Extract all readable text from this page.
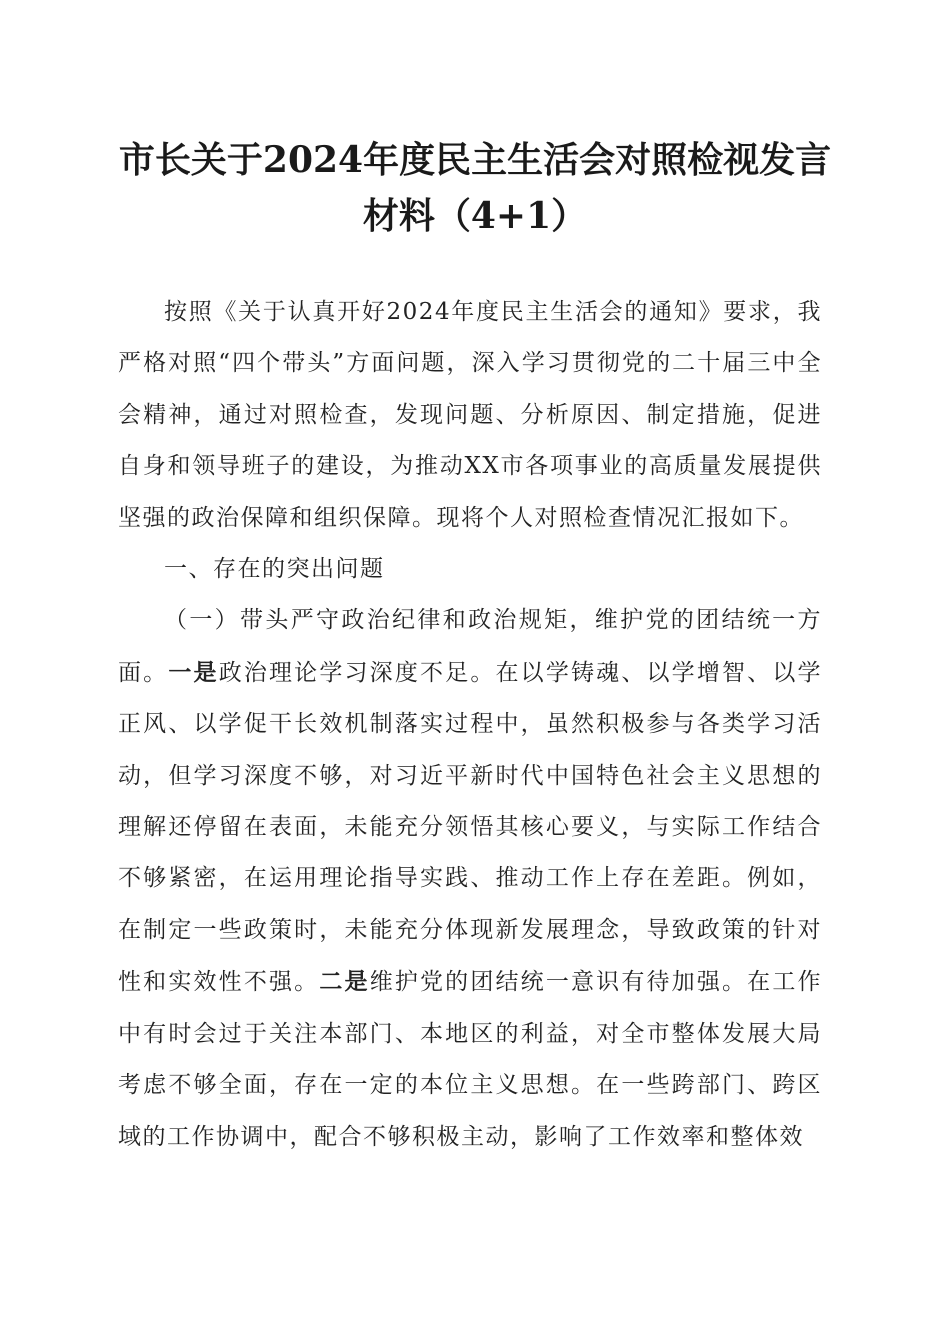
市长关于2024年度民主生活会对照检视发言材料（4+1）

按照《关于认真开好2024年度民主生活会的通知》要求，我严格对照“四个带头”方面问题，深入学习贯彻党的二十届三中全会精神，通过对照检查，发现问题、分析原因、制定措施，促进自身和领导班子的建设，为推动XX市各项事业的高质量发展提供坚强的政治保障和组织保障。现将个人对照检查情况汇报如下。

一、存在的突出问题

（一）带头严守政治纪律和政治规矩，维护党的团结统一方面。一是政治理论学习深度不足。在以学铸魂、以学增智、以学正风、以学促干长效机制落实过程中，虽然积极参与各类学习活动，但学习深度不够，对习近平新时代中国特色社会主义思想的理解还停留在表面，未能充分领悟其核心要义，与实际工作结合不够紧密，在运用理论指导实践、推动工作上存在差距。例如，在制定一些政策时，未能充分体现新发展理念，导致政策的针对性和实效性不强。二是维护党的团结统一意识有待加强。在工作中有时会过于关注本部门、本地区的利益，对全市整体发展大局考虑不够全面，存在一定的本位主义思想。在一些跨部门、跨区域的工作协调中，配合不够积极主动，影响了工作效率和整体效
